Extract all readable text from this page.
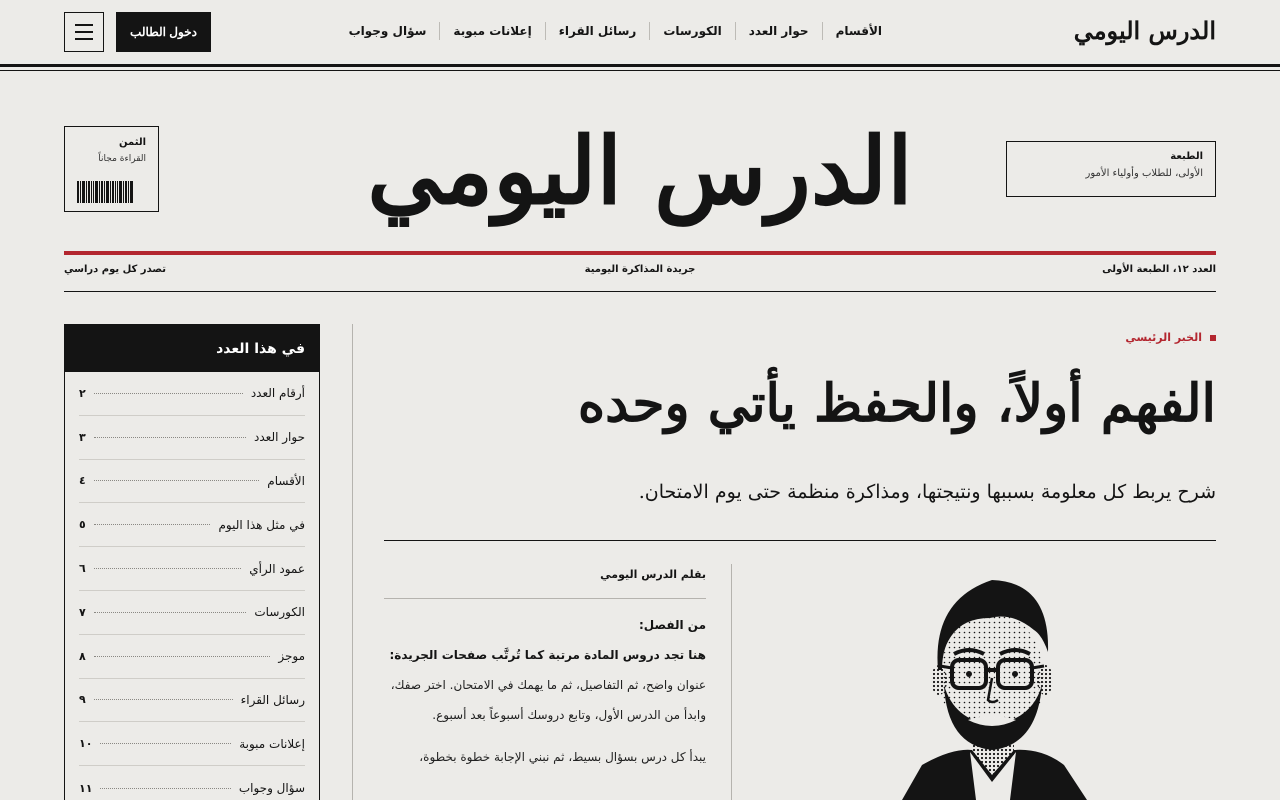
الدرس اليومي
الأقسام
حوار العدد
الكورسات
رسائل القراء
إعلانات مبوبة
سؤال وجواب
دخول الطالب
الطبعة
الأولى، للطلاب وأولياء الأمور
الدرس اليومي
الثمن
القراءة مجاناً
العدد ١٢، الطبعة الأولى
جريدة المذاكرة اليومية
تصدر كل يوم دراسي
الخبر الرئيسي
الفهم أولاً، والحفظ يأتي وحده

شرح يربط كل معلومة بسببها ونتيجتها، ومذاكرة منظمة حتى يوم الامتحان.

بقلم الدرس اليومي

من الفصل:

هنا تجد دروس المادة مرتبة كما تُرتَّب صفحات الجريدة:

عنوان واضح، ثم التفاصيل، ثم ما يهمك في الامتحان. اختر صفك، وابدأ من الدرس الأول، وتابع دروسك أسبوعاً بعد أسبوع.

يبدأ كل درس بسؤال بسيط، ثم نبني الإجابة خطوة بخطوة،

في هذا العدد
أرقام العدد
٢
حوار العدد
٣
الأقسام
٤
في مثل هذا اليوم
٥
عمود الرأي
٦
الكورسات
٧
موجز
٨
رسائل القراء
٩
إعلانات مبوبة
١٠
سؤال وجواب
١١
